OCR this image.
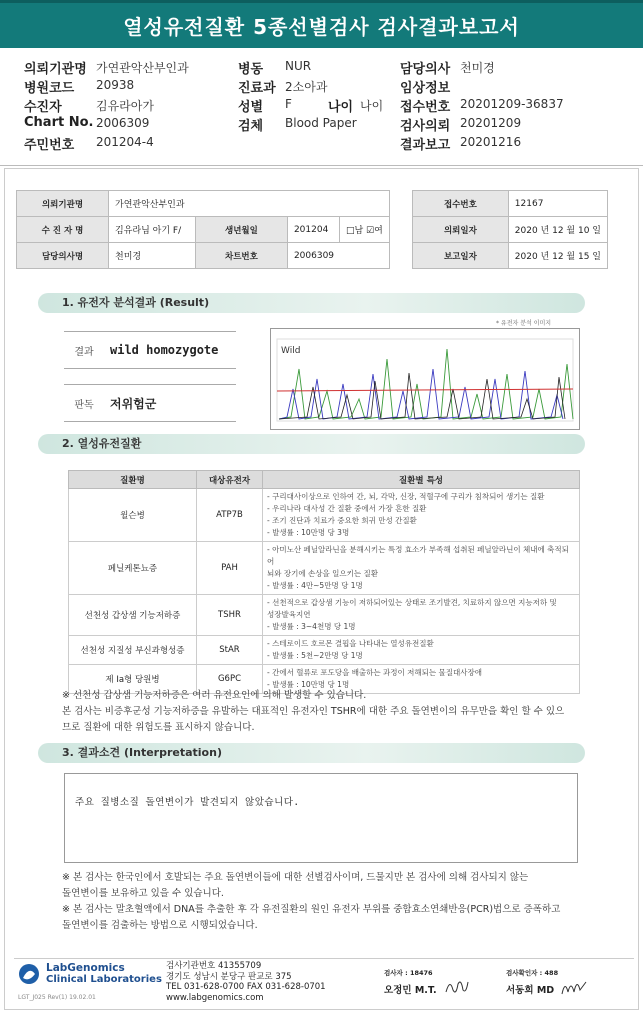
열성유전질환 5종선별검사 검사결과보고서
의뢰기관명 가연관악산부인과
병원코드 20938
수진자	김유라아가
Chart No. 2006309
주민번호 201204-4
병동 NUR
진료과 2소아과
성별 F	나이 나이
검체 Blood Paper
담당의사 천미경
임상정보
접수번호 20201209-36837
검사의뢰 20201209
결과보고 20201216
의뢰기관명	가연관악산부인과			
수 진 자 명	김유라님 아기 F/	생년월일	201204	□남 ☑여
담당의사명	천미경	차트번호	2006309	
접수번호	12167
의뢰일자	2020 년 12 월 10 일
보고일자	2020 년 12 월 15 일
1. 유전자 분석결과 (Result)
결과	wild homozygote
판독	저위험군
* 유전자 분석 이미지
Wild
2. 열성유전질환
질환명	대상유전자	질환별 특성
윌슨병	ATP7B	- 구리대사이상으로 인하여 간, 뇌, 각막, 신장, 적혈구에 구리가 침착되어 생기는 질환
- 우리나라 대사성 간 질환 중에서 가장 흔한 질환
- 조기 진단과 치료가 중요한 희귀 만성 간질환
- 발생률 : 10만명 당 3명

페닐케톤뇨증	PAH	- 아미노산 페닐알라닌을 분해시키는 특정 효소가 부족해 섭취된 페닐알라닌이 체내에 축적되어
뇌와 장기에 손상을 일으키는 질환
- 발생률 : 4만~5만명 당 1명

선천성 갑상샘 기능저하증	TSHR	- 선천적으로 갑상샘 기능이 저하되어있는 상태로 조기발견, 치료하지 않으면 지능저하 및
성장발육지연
- 발생률 : 3~4천명 당 1명

선천성 지질성 부신과형성증	StAR	- 스테로이드 호르몬 결핍을 나타내는 열성유전질환
- 발생률 : 5천~2만명 당 1명

제 Ia형 당원병	G6PC	- 간에서 혈류로 포도당을 배출하는 과정이 저해되는 물질대사장애
- 발생률 : 10만명 당 1명
※ 선천성 갑상샘 기능저하증은 여러 유전요인에 의해 발생할 수 있습니다.
본 검사는 비증후군성 기능저하증을 유발하는 대표적인 유전자인 TSHR에 대한 주요 돌연변이의 유무만을 확인 할 수 있으
므로 질환에 대한 위험도를 표시하지 않습니다.
3. 결과소견 (Interpretation)
주요 질병소질 돌연변이가 발견되지 않았습니다.
※ 본 검사는 한국인에서 호발되는 주요 돌연변이들에 대한 선별검사이며, 드물지만 본 검사에 의해 검사되지 않는
돌연변이를 보유하고 있을 수 있습니다.
※ 본 검사는 말초혈액에서 DNA를 추출한 후 각 유전질환의 원인 유전자 부위를 중합효소연쇄반응(PCR)법으로 증폭하고
돌연변이를 검출하는 방법으로 시행되었습니다.
LabGenomics
Clinical Laboratories
LGT_J025 Rev(1) 19.02.01
검사기관번호 41355709
경기도 성남시 분당구 판교로 375
TEL 031-628-0700 FAX 031-628-0701
www.labgenomics.com
검사자 : 18476
오정민 M.T.
검사확인자 : 488
서동희 MD
